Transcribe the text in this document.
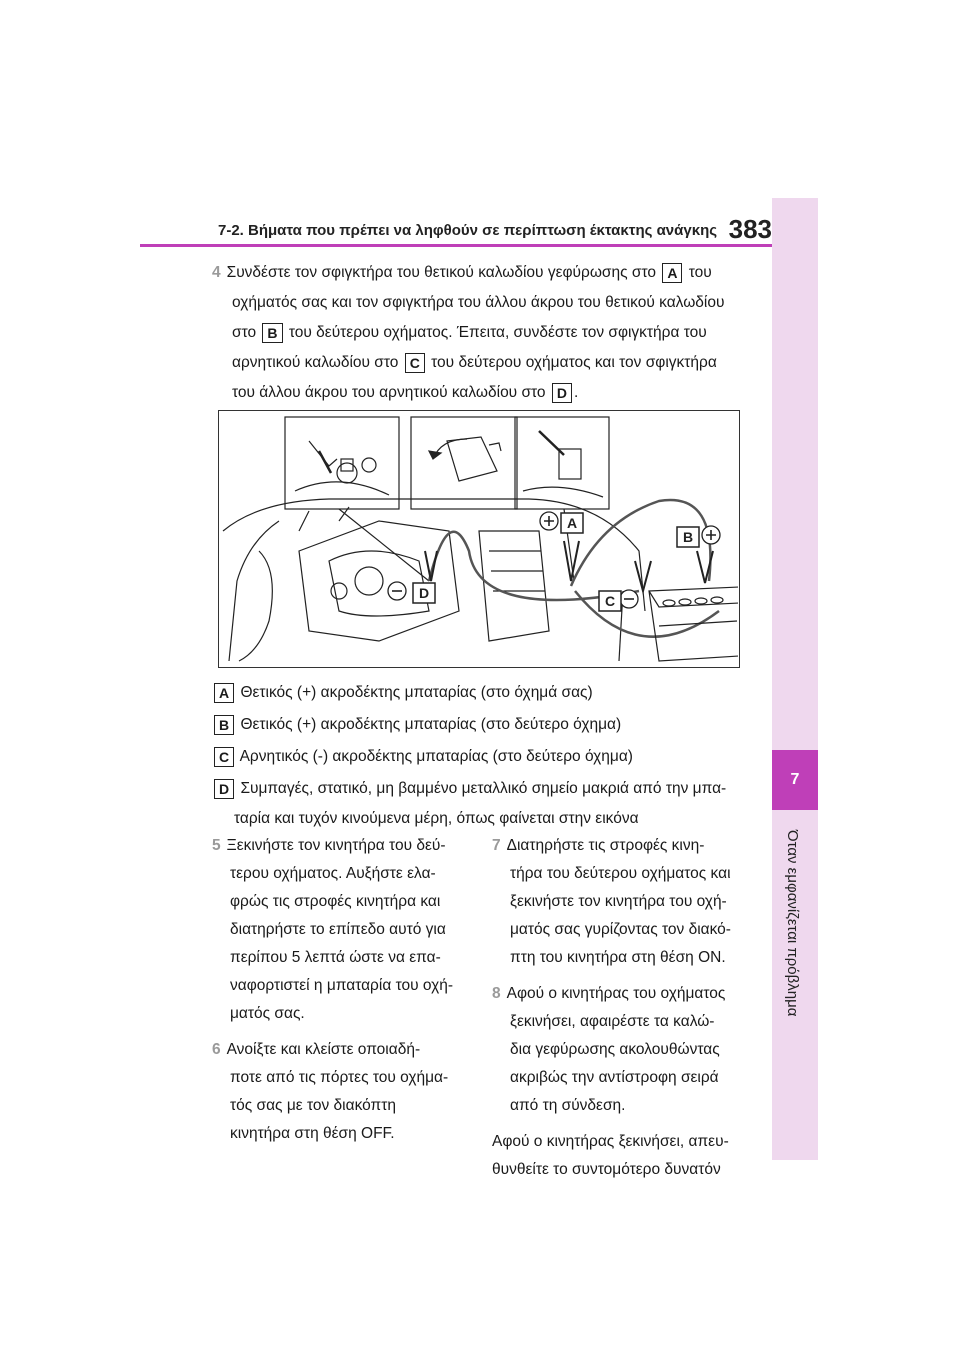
7
Όταν εμφανίζεται πρόβλημα
7-2. Βήματα που πρέπει να ληφθούν σε περίπτωση έκτακτης ανάγκης 383
4 Συνδέστε τον σφιγκτήρα του θετικού καλωδίου γεφύρωσης στο A του
οχήματός σας και τον σφιγκτήρα του άλλου άκρου του θετικού καλωδίου
στο B του δεύτερου οχήματος. Έπειτα, συνδέστε τον σφιγκτήρα του
αρνητικού καλωδίου στο C του δεύτερου οχήματος και τον σφιγκτήρα
του άλλου άκρου του αρνητικού καλωδίου στο D .
A
B
C
D
A Θετικός (+) ακροδέκτης μπαταρίας (στο όχημά σας)
B Θετικός (+) ακροδέκτης μπαταρίας (στο δεύτερο όχημα)
C Αρνητικός (-) ακροδέκτης μπαταρίας (στο δεύτερο όχημα)
D Συμπαγές, στατικό, μη βαμμένο μεταλλικό σημείο μακριά από την μπα-
ταρία και τυχόν κινούμενα μέρη, όπως φαίνεται στην εικόνα

5 Ξεκινήστε τον κινητήρα του δεύ-
τερου οχήματος. Αυξήστε ελα-
φρώς τις στροφές κινητήρα και
διατηρήστε το επίπεδο αυτό για
περίπου 5 λεπτά ώστε να επα-
ναφορτιστεί η μπαταρία του οχή-
ματός σας.

6 Ανοίξτε και κλείστε οποιαδή-
ποτε από τις πόρτες του οχήμα-
τός σας με τον διακόπτη
κινητήρα στη θέση OFF.

7 Διατηρήστε τις στροφές κινη-
τήρα του δεύτερου οχήματος και
ξεκινήστε τον κινητήρα του οχή-
ματός σας γυρίζοντας τον διακό-
πτη του κινητήρα στη θέση ON.

8 Αφού ο κινητήρας του οχήματος
ξεκινήσει, αφαιρέστε τα καλώ-
δια γεφύρωσης ακολουθώντας
ακριβώς την αντίστροφη σειρά
από τη σύνδεση.

Αφού ο κινητήρας ξεκινήσει, απευ-
θυνθείτε το συντομότερο δυνατόν
